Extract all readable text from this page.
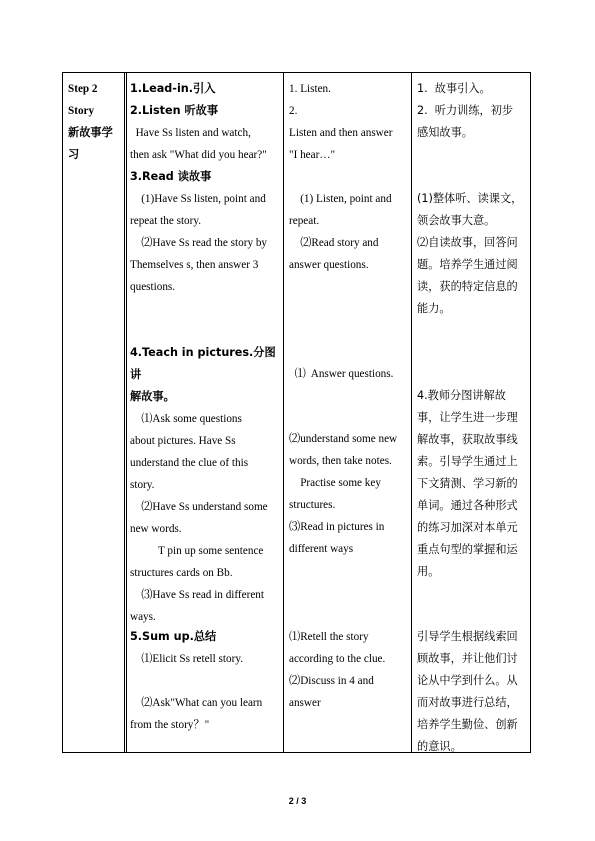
Step 2

Story

新故事学

习

1.Lead-in.引入

2.Listen 听故事

Have Ss listen and watch,

then ask "What did you hear?"

3.Read 读故事

(1)Have Ss listen, point and

repeat the story.

⑵Have Ss read the story by

Themselves s, then answer 3

questions.

4.Teach in pictures.分图讲

解故事。

⑴Ask some questions

about pictures. Have Ss

understand the clue of this

story.

⑵Have Ss understand some

new words.

T pin up some sentence

structures cards on Bb.

⑶Have Ss read in different

ways.

5.Sum up.总结

⑴Elicit Ss retell story.

⑵Ask"What can you learn

from the story？"

1. Listen.

2.

Listen and then answer

"I hear…"

(1) Listen, point and

repeat.

⑵Read story and

answer questions.

⑴  Answer questions.

⑵understand some new

words, then take notes.

Practise some key

structures.

⑶Read in pictures in

different ways

⑴Retell the story

according to the clue.

⑵Discuss in 4 and

answer

1.  故事引入。

2.  听力训练，初步

感知故事。

(1)整体听、读课文，

领会故事大意。

⑵自读故事，回答问

题。培养学生通过阅

读，获的特定信息的

能力。

4.教师分图讲解故

事，让学生进一步理

解故事，获取故事线

索。引导学生通过上

下文猜测、学习新的

单词。通过各种形式

的练习加深对本单元

重点句型的掌握和运

用。

引导学生根据线索回

顾故事，并让他们讨

论从中学到什么。从

而对故事进行总结，

培养学生勤俭、创新

的意识。

2 / 3
